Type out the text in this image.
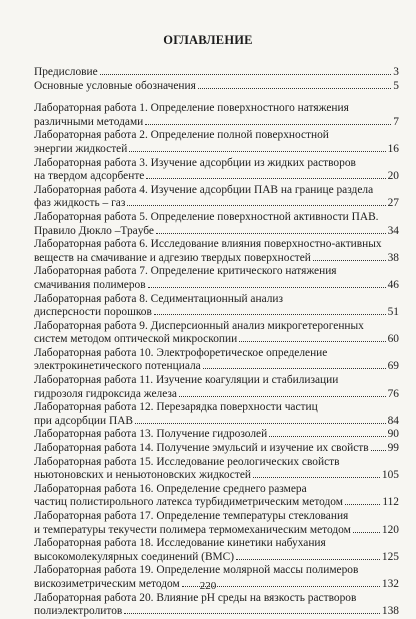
ОГЛАВЛЕНИЕ
Предисловие	3
Основные условные обозначения	5
Лабораторная работа 1. Определение поверхностного натяжения
различными методами	7
Лабораторная работа 2. Определение полной поверхностной
энергии жидкостей	16
Лабораторная работа 3. Изучение адсорбции из жидких растворов
на твердом адсорбенте	20
Лабораторная работа 4. Изучение адсорбции ПАВ на границе раздела
фаз жидкость – газ	27
Лабораторная работа 5. Определение поверхностной активности ПАВ.
Правило Дюкло –Трaубе	34
Лабораторная работа 6. Исследование влияния поверхностно-активных
веществ на смачивание и адгезию твердых поверхностей	38
Лабораторная работа 7. Определение критического натяжения
смачивания полимеров	46
Лабораторная работа 8. Седиментационный анализ
дисперсности порошков	51
Лабораторная работа 9. Дисперсионный анализ микрогетерогенных
систем методом оптической микроскопии	60
Лабораторная работа 10. Электрофоретическое определение
электрокинетического потенциала	69
Лабораторная работа 11. Изучение коагуляции и стабилизации
гидрозоля гидроксида железа	76
Лабораторная работа 12. Перезарядка поверхности частиц
при адсорбции ПАВ	84
Лабораторная работа 13. Получение гидрозолей	90
Лабораторная работа 14. Получение эмульсий и изучение их свойств 99
Лабораторная работа 15. Исследование реологических свойств
ньютоновских и неньютоновских жидкостей	105
Лабораторная работа 16. Определение среднего размера
частиц полистирольного латекса турбидиметрическим методом	112
Лабораторная работа 17. Определение температуры стеклования
и температуры текучести полимера термомеханическим методом	120
Лабораторная работа 18. Исследование кинетики набухания
высокомолекулярных соединений (ВМС)	125
Лабораторная работа 19. Определение молярной массы полимеров
вискозиметрическим методом	132
Лабораторная работа 20. Влияние рН среды на вязкость растворов
полиэлектролитов	138
220
